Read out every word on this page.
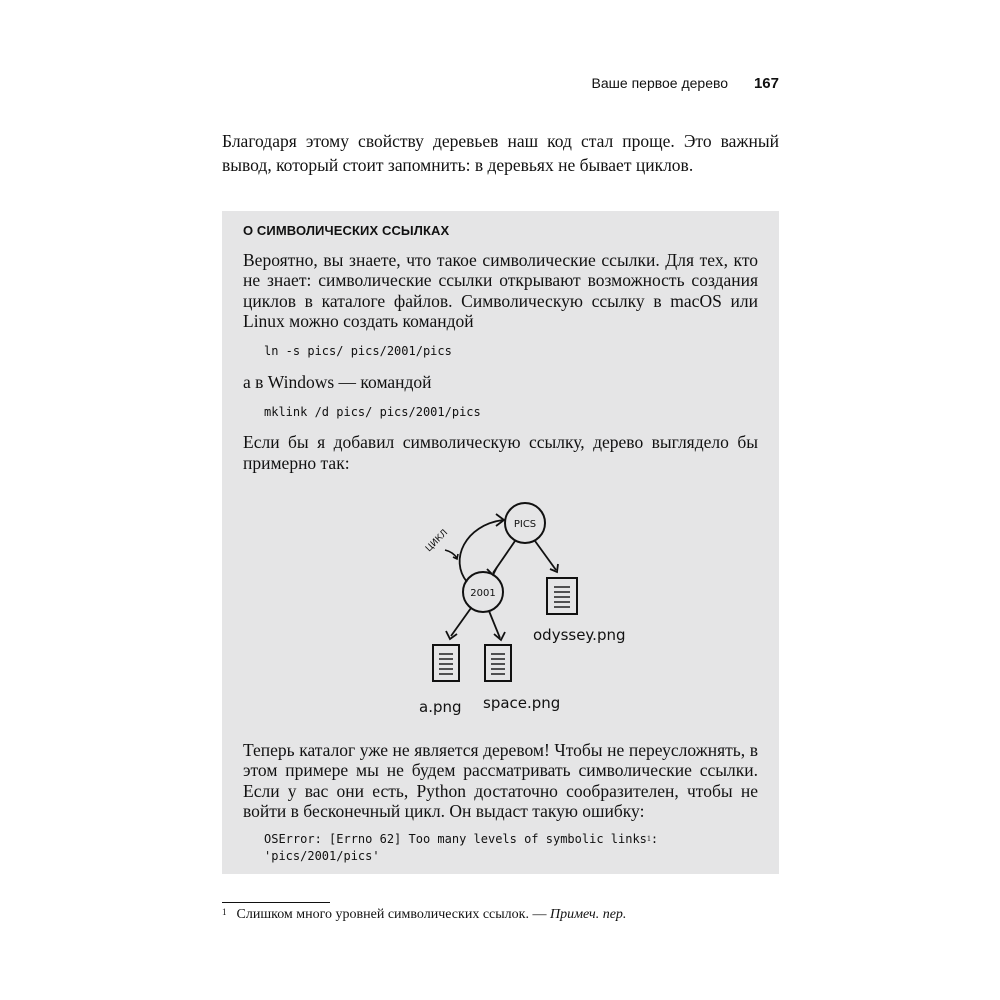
Ваше первое дерево 167

Благодаря этому свойству деревьев наш код стал проще. Это важный вывод, который стоит запомнить: в деревьях не бывает циклов.

О СИМВОЛИЧЕСКИХ ССЫЛКАХ

Вероятно, вы знаете, что такое символические ссылки. Для тех, кто не знает: символические ссылки открывают возможность создания циклов в каталоге файлов. Символическую ссылку в macOS или Linux можно создать командой

ln -s pics/ pics/2001/pics

а в Windows — командой

mklink /d pics/ pics/2001/pics

Если бы я добавил символическую ссылку, дерево выглядело бы примерно так:

PICS
2001
ЦИКЛ
odyssey.png
a.png space.png

Теперь каталог уже не является деревом! Чтобы не переусложнять, в этом примере мы не будем рассматривать символические ссылки. Если у вас они есть, Python достаточно сообразителен, чтобы не войти в бесконечный цикл. Он выдаст такую ошибку:

OSError: [Errno 62] Too many levels of symbolic links$^1$:
'pics/2001/pics'
$^1$ Слишком много уровней символических ссылок. — Примеч. пер.
